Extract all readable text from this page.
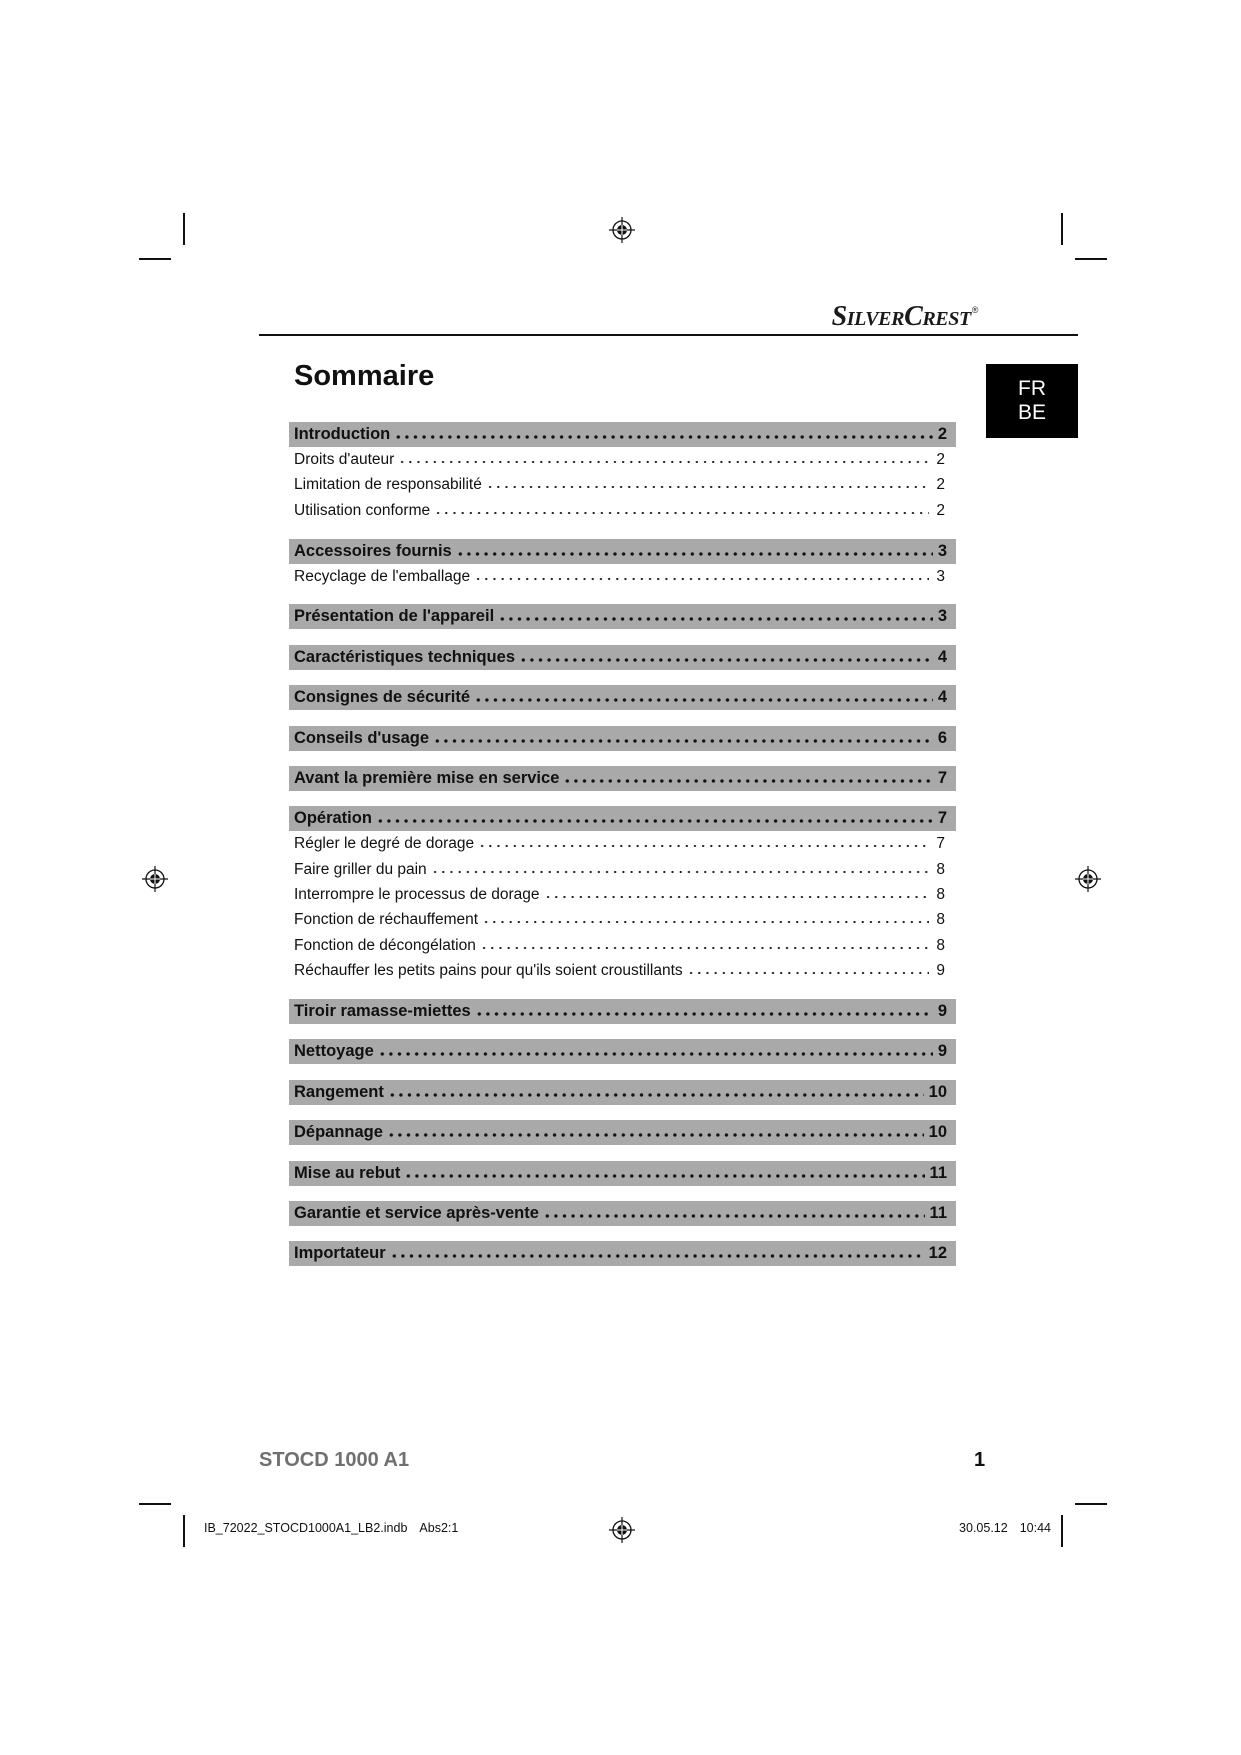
SilverCrest®
FR
BE
Sommaire
Introduction	2
Droits d'auteur	2
Limitation de responsabilité	2
Utilisation conforme	2
Accessoires fournis	3
Recyclage de l'emballage	3
Présentation de l'appareil	3
Caractéristiques techniques	4
Consignes de sécurité	4
Conseils d'usage	6
Avant la première mise en service	7
Opération	7
Régler le degré de dorage	7
Faire griller du pain	8
Interrompre le processus de dorage	8
Fonction de réchauffement	8
Fonction de décongélation	8
Réchauffer les petits pains pour qu'ils soient croustillants	9
Tiroir ramasse-miettes	9
Nettoyage	9
Rangement	10
Dépannage	10
Mise au rebut	11
Garantie et service après-vente	11
Importateur	12
STOCD 1000 A1	1
IB_72022_STOCD1000A1_LB2.indb Abs2:1	30.05.12 10:44
